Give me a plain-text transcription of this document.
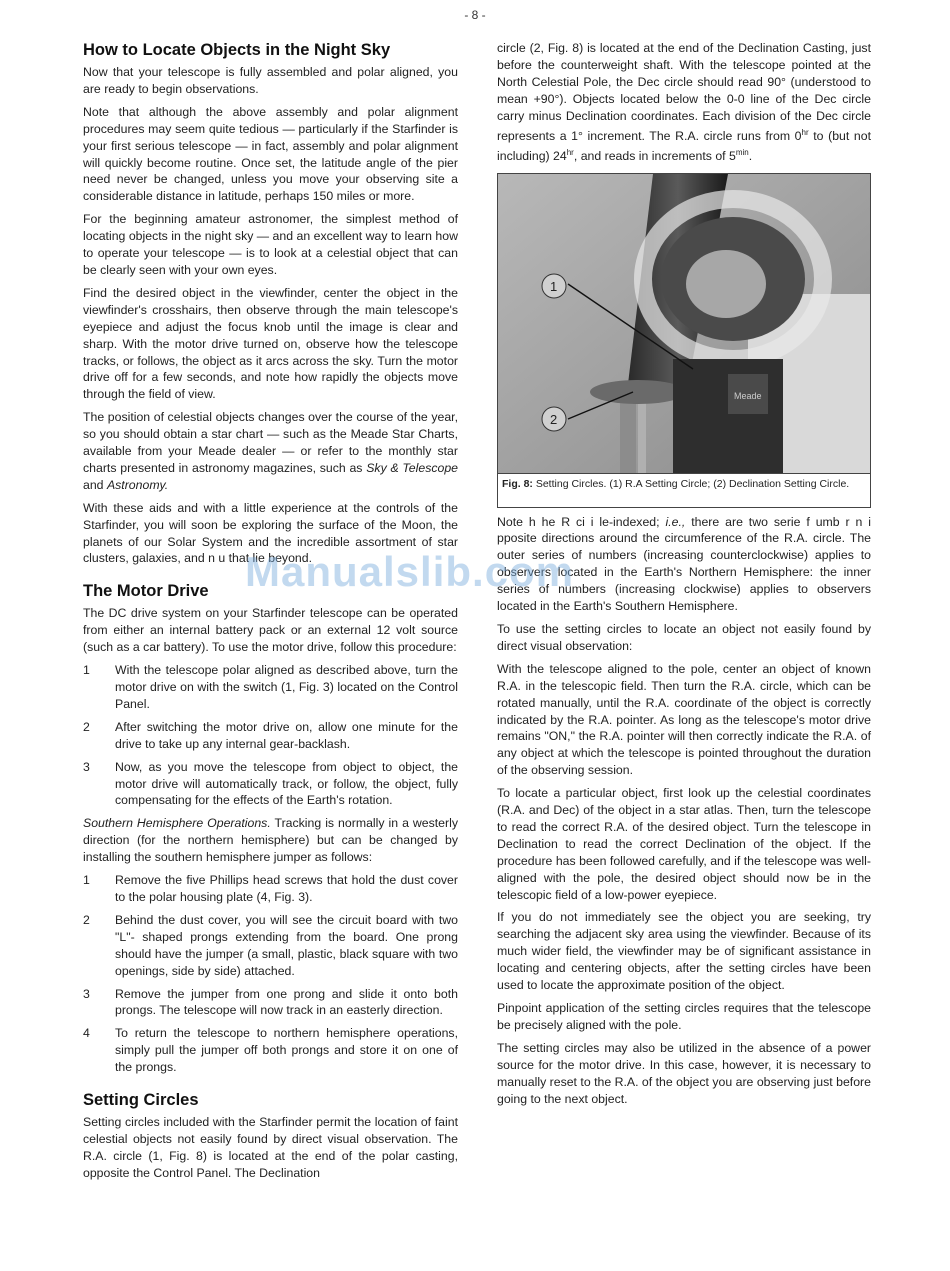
- 8 -
How to Locate Objects in the Night Sky

Now that your telescope is fully assembled and polar aligned, you are ready to begin observations.

Note that although the above assembly and polar alignment procedures may seem quite tedious — particularly if the Starfinder is your first serious telescope — in fact, assembly and polar alignment will quickly become routine. Once set, the latitude angle of the pier need never be changed, unless you move your observing site a considerable distance in latitude, perhaps 150 miles or more.

For the beginning amateur astronomer, the simplest method of locating objects in the night sky — and an excellent way to learn how to operate your telescope — is to look at a celestial object that can be clearly seen with your own eyes.

Find the desired object in the viewfinder, center the object in the viewfinder's crosshairs, then observe through the main telescope's eyepiece and adjust the focus knob until the image is clear and sharp. With the motor drive turned on, observe how the telescope tracks, or follows, the object as it arcs across the sky. Turn the motor drive off for a few seconds, and note how rapidly the objects move through the field of view.

The position of celestial objects changes over the course of the year, so you should obtain a star chart — such as the Meade Star Charts, available from your Meade dealer — or refer to the monthly star charts presented in astronomy magazines, such as Sky & Telescope and Astronomy.

With these aids and with a little experience at the controls of the Starfinder, you will soon be exploring the surface of the Moon, the planets of our Solar System and the incredible assortment of star clusters, galaxies, and n u that lie beyond.

The Motor Drive

The DC drive system on your Starfinder telescope can be operated from either an internal battery pack or an external 12 volt source (such as a car battery). To use the motor drive, follow this procedure:

1	With the telescope polar aligned as described above, turn the motor drive on with the switch (1, Fig. 3) located on the Control Panel.
2	After switching the motor drive on, allow one minute for the drive to take up any internal gear-backlash.
3	Now, as you move the telescope from object to object, the motor drive will automatically track, or follow, the object, fully compensating for the effects of the Earth's rotation.

Southern Hemisphere Operations. Tracking is normally in a westerly direction (for the northern hemisphere) but can be changed by installing the southern hemisphere jumper as follows:

1	Remove the five Phillips head screws that hold the dust cover to the polar housing plate (4, Fig. 3).
2	Behind the dust cover, you will see the circuit board with two "L"- shaped prongs extending from the board. One prong should have the jumper (a small, plastic, black square with two openings, side by side) attached.
3	Remove the jumper from one prong and slide it onto both prongs. The telescope will now track in an easterly direction.
4	To return the telescope to northern hemisphere operations, simply pull the jumper off both prongs and store it on one of the prongs.
Setting Circles

Setting circles included with the Starfinder permit the location of faint celestial objects not easily found by direct visual observation. The R.A. circle (1, Fig. 8) is located at the end of the polar casting, opposite the Control Panel. The Declination

circle (2, Fig. 8) is located at the end of the Declination Casting, just before the counterweight shaft. With the telescope pointed at the North Celestial Pole, the Dec circle should read 90° (understood to mean +90°). Objects located below the 0-0 line of the Dec circle carry minus Declination coordinates. Each division of the Dec circle represents a 1° increment. The R.A. circle runs from $0^{hr}$ to (but not including) $24^{hr}$, and reads in increments of $5^{min}$.

Meade
1
2
Fig. 8: Setting Circles. (1) R.A Setting Circle; (2) Declination Setting Circle.

Note h he R ci i le-indexed; i.e., there are two serie f umb r n i pposite directions around the circumference of the R.A. circle. The outer series of numbers (increasing counterclockwise) applies to observers located in the Earth's Northern Hemisphere: the inner series of numbers (increasing clockwise) applies to observers located in the Earth's Southern Hemisphere.

To use the setting circles to locate an object not easily found by direct visual observation:

With the telescope aligned to the pole, center an object of known R.A. in the telescopic field. Then turn the R.A. circle, which can be rotated manually, until the R.A. coordinate of the object is correctly indicated by the R.A. pointer. As long as the telescope's motor drive remains "ON," the R.A. pointer will then correctly indicate the R.A. of any object at which the telescope is pointed throughout the duration of the observing session.

To locate a particular object, first look up the celestial coordinates (R.A. and Dec) of the object in a star atlas. Then, turn the telescope to read the correct R.A. of the desired object. Turn the telescope in Declination to read the correct Declination of the object. If the procedure has been followed carefully, and if the telescope was well-aligned with the pole, the desired object should now be in the telescopic field of a low-power eyepiece.

If you do not immediately see the object you are seeking, try searching the adjacent sky area using the viewfinder. Because of its much wider field, the viewfinder may be of significant assistance in locating and centering objects, after the setting circles have been used to locate the approximate position of the object.

Pinpoint application of the setting circles requires that the telescope be precisely aligned with the pole.

The setting circles may also be utilized in the absence of a power source for the motor drive. In this case, however, it is necessary to manually reset to the R.A. of the object you are observing just before going to the next object.

Manualslib.com
